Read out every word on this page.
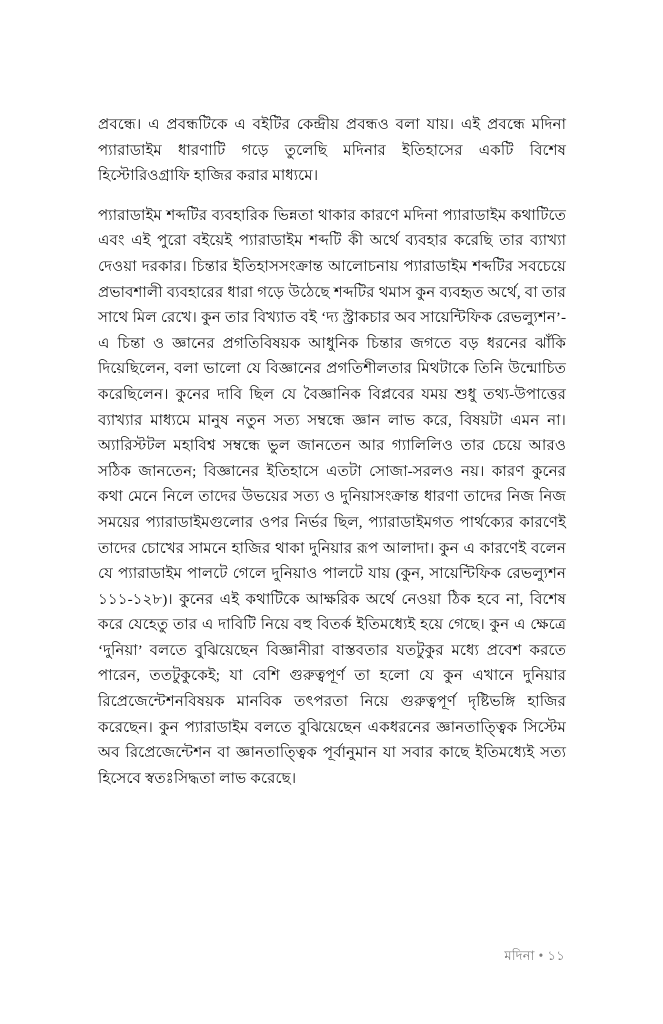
প্রবন্ধে। এ প্রবন্ধটিকে এ বইটির কেন্দ্রীয় প্রবন্ধও বলা যায়। এই প্রবন্ধে মদিনা প্যারাডাইম ধারণাটি গড়ে তুলেছি মদিনার ইতিহাসের একটি বিশেষ হিস্টোরিওগ্রাফি হাজির করার মাধ্যমে।

প্যারাডাইম শব্দটির ব্যবহারিক ভিন্নতা থাকার কারণে মদিনা প্যারাডাইম কথাটিতে এবং এই পুরো বইয়েই প্যারাডাইম শব্দটি কী অর্থে ব্যবহার করেছি তার ব্যাখ্যা দেওয়া দরকার। চিন্তার ইতিহাসসংক্রান্ত আলোচনায় প্যারাডাইম শব্দটির সবচেয়ে প্রভাবশালী ব্যবহারের ধারা গড়ে উঠেছে শব্দটির থমাস কুন ব্যবহৃত অর্থে, বা তার সাথে মিল রেখে। কুন তার বিখ্যাত বই ‘দ্য স্ট্রাকচার অব সায়েন্টিফিক রেভল্যুশন’-এ চিন্তা ও জ্ঞানের প্রগতিবিষয়ক আধুনিক চিন্তার জগতে বড় ধরনের ঝাঁকি দিয়েছিলেন, বলা ভালো যে বিজ্ঞানের প্রগতিশীলতার মিথটাকে তিনি উন্মোচিত করেছিলেন। কুনের দাবি ছিল যে বৈজ্ঞানিক বিপ্লবের যময় শুধু তথ্য-উপাত্তের ব্যাখ্যার মাধ্যমে মানুষ নতুন সত্য সম্বন্ধে জ্ঞান লাভ করে, বিষয়টা এমন না। অ্যারিস্টটল মহাবিশ্ব সম্বন্ধে ভুল জানতেন আর গ্যালিলিও তার চেয়ে আরও সঠিক জানতেন; বিজ্ঞানের ইতিহাসে এতটা সোজা-সরলও নয়। কারণ কুনের কথা মেনে নিলে তাদের উভয়ের সত্য ও দুনিয়াসংক্রান্ত ধারণা তাদের নিজ নিজ সময়ের প্যারাডাইমগুলোর ওপর নির্ভর ছিল, প্যারাডাইমগত পার্থক্যের কারণেই তাদের চোখের সামনে হাজির থাকা দুনিয়ার রূপ আলাদা। কুন এ কারণেই বলেন যে প্যারাডাইম পালটে গেলে দুনিয়াও পালটে যায় (কুন, সায়েন্টিফিক রেভল্যুশন ১১১-১২৮)। কুনের এই কথাটিকে আক্ষরিক অর্থে নেওয়া ঠিক হবে না, বিশেষ করে যেহেতু তার এ দাবিটি নিয়ে বহু বিতর্ক ইতিমধ্যেই হয়ে গেছে। কুন এ ক্ষেত্রে ‘দুনিয়া’ বলতে বুঝিয়েছেন বিজ্ঞানীরা বাস্তবতার যতটুকুর মধ্যে প্রবেশ করতে পারেন, ততটুকুকেই; যা বেশি গুরুত্বপূর্ণ তা হলো যে কুন এখানে দুনিয়ার রিপ্রেজেন্টেশনবিষয়ক মানবিক তৎপরতা নিয়ে গুরুত্বপূর্ণ দৃষ্টিভঙ্গি হাজির করেছেন। কুন প্যারাডাইম বলতে বুঝিয়েছেন একধরনের জ্ঞানতাত্ত্বিক সিস্টেম অব রিপ্রেজেন্টেশন বা জ্ঞানতাত্ত্বিক পূর্বানুমান যা সবার কাছে ইতিমধ্যেই সত্য হিসেবে স্বতঃসিদ্ধতা লাভ করেছে।

মদিনা • ১১
